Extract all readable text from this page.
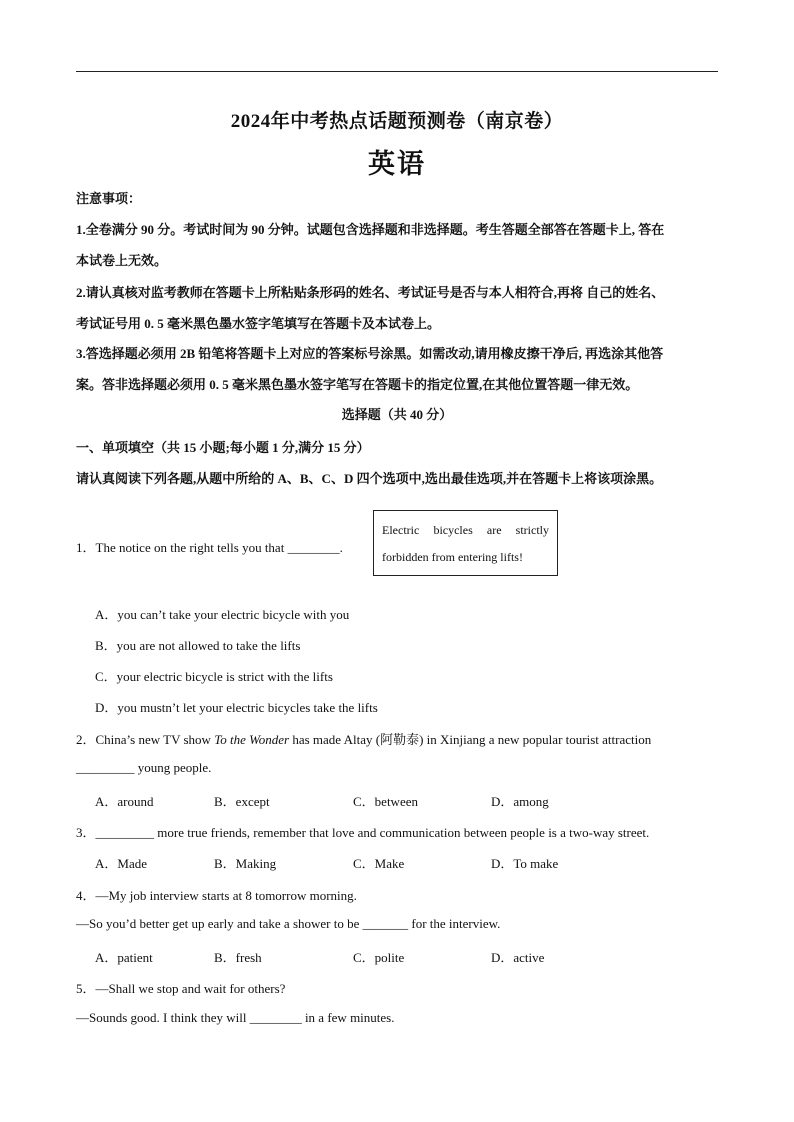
2024年中考热点话题预测卷（南京卷）
英语
注意事项：
1.全卷满分 90 分。考试时间为 90 分钟。试题包含选择题和非选择题。考生答题全部答在答题卡上, 答在
本试卷上无效。
2.请认真核对监考教师在答题卡上所粘贴条形码的姓名、考试证号是否与本人相符合,再将 自己的姓名、
考试证号用 0. 5 毫米黑色墨水签字笔填写在答题卡及本试卷上。
3.答选择题必须用 2B 铅笔将答题卡上对应的答案标号涂黑。如需改动,请用橡皮擦干净后, 再选涂其他答
案。答非选择题必须用 0. 5 毫米黑色墨水签字笔写在答题卡的指定位置,在其他位置答题一律无效。
选择题（共 40 分）
一、单项填空（共 15 小题;每小题 1 分,满分 15 分）
请认真阅读下列各题,从题中所给的 A、B、C、D 四个选项中,选出最佳选项,并在答题卡上将该项涂黑。
1．The notice on the right tells you that ________.
Electric bicycles are strictly
forbidden from entering lifts!
A．you can’t take your electric bicycle with you
B．you are not allowed to take the lifts
C．your electric bicycle is strict with the lifts
D．you mustn’t let your electric bicycles take the lifts
2．China’s new TV show To the Wonder has made Altay (阿勒泰) in Xinjiang a new popular tourist attraction
_________ young people.
A．around	B．except	C．between	D．among
3．_________ more true friends, remember that love and communication between people is a two-way street.
A．Made	B．Making	C．Make	D．To make
4．—My job interview starts at 8 tomorrow morning.
—So you’d better get up early and take a shower to be _______ for the interview.
A．patient	B．fresh	C．polite	D．active
5．—Shall we stop and wait for others?
—Sounds good. I think they will ________ in a few minutes.
